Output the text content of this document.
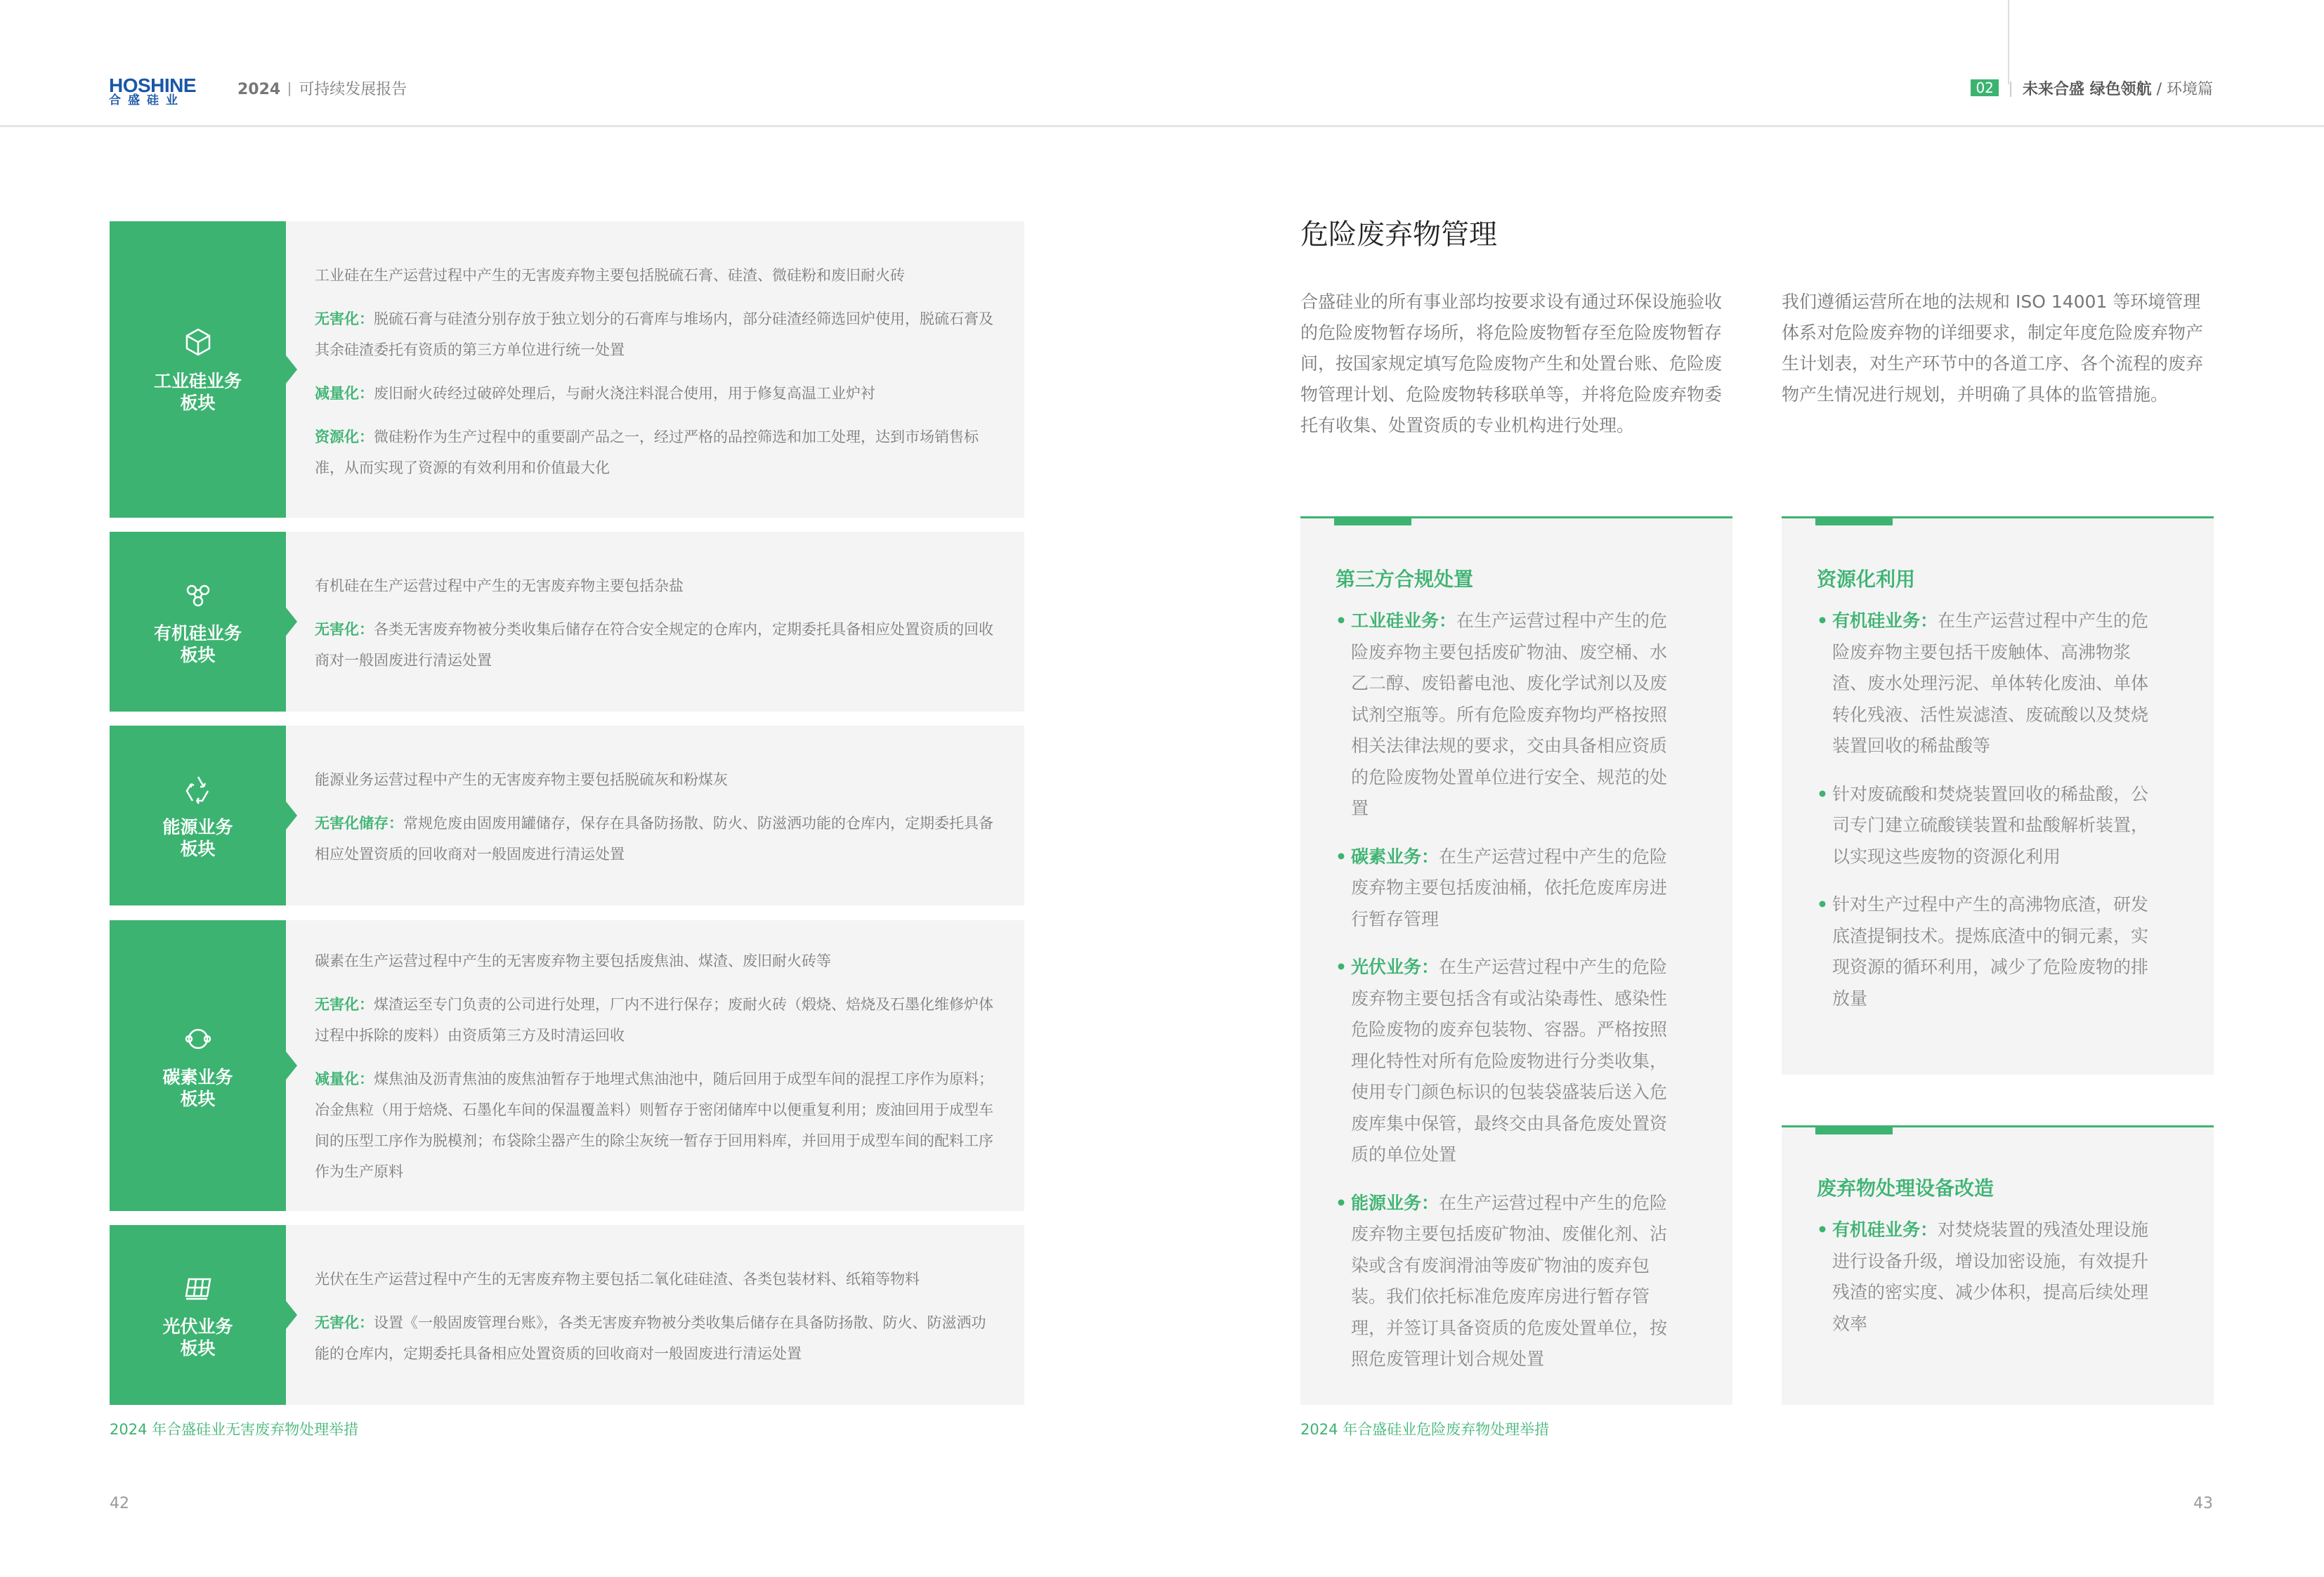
HOSHINE
合盛硅业
2024 可持续发展报告	02 未来合盛 绿色领航 / 环境篇
工业硅业务
板块

工业硅在生产运营过程中产生的无害废弃物主要包括脱硫石膏、硅渣、微硅粉和废旧耐火砖

无害化：脱硫石膏与硅渣分别存放于独立划分的石膏库与堆场内，部分硅渣经筛选回炉使用，脱硫石膏及其余硅渣委托有资质的第三方单位进行统一处置

减量化：废旧耐火砖经过破碎处理后，与耐火浇注料混合使用，用于修复高温工业炉衬

资源化：微硅粉作为生产过程中的重要副产品之一，经过严格的品控筛选和加工处理，达到市场销售标准，从而实现了资源的有效利用和价值最大化

有机硅业务
板块

有机硅在生产运营过程中产生的无害废弃物主要包括杂盐

无害化：各类无害废弃物被分类收集后储存在符合安全规定的仓库内，定期委托具备相应处置资质的回收商对一般固废进行清运处置

能源业务
板块

能源业务运营过程中产生的无害废弃物主要包括脱硫灰和粉煤灰

无害化储存：常规危废由固废用罐储存，保存在具备防扬散、防火、防滋洒功能的仓库内，定期委托具备相应处置资质的回收商对一般固废进行清运处置

碳素业务
板块

碳素在生产运营过程中产生的无害废弃物主要包括废焦油、煤渣、废旧耐火砖等

无害化：煤渣运至专门负责的公司进行处理，厂内不进行保存；废耐火砖（煅烧、焙烧及石墨化维修炉体过程中拆除的废料）由资质第三方及时清运回收

减量化：煤焦油及沥青焦油的废焦油暂存于地埋式焦油池中，随后回用于成型车间的混捏工序作为原料；冶金焦粒（用于焙烧、石墨化车间的保温覆盖料）则暂存于密闭储库中以便重复利用；废油回用于成型车间的压型工序作为脱模剂；布袋除尘器产生的除尘灰统一暂存于回用料库，并回用于成型车间的配料工序作为生产原料

光伏业务
板块

光伏在生产运营过程中产生的无害废弃物主要包括二氧化硅硅渣、各类包装材料、纸箱等物料

无害化：设置《一般固废管理台账》，各类无害废弃物被分类收集后储存在具备防扬散、防火、防滋洒功能的仓库内，定期委托具备相应处置资质的回收商对一般固废进行清运处置

2024 年合盛硅业无害废弃物处理举措
42
危险废弃物管理
合盛硅业的所有事业部均按要求设有通过环保设施验收的危险废物暂存场所，将危险废物暂存至危险废物暂存间，按国家规定填写危险废物产生和处置台账、危险废物管理计划、危险废物转移联单等，并将危险废弃物委托有收集、处置资质的专业机构进行处理。
我们遵循运营所在地的法规和 ISO 14001 等环境管理体系对危险废弃物的详细要求，制定年度危险废弃物产生计划表，对生产环节中的各道工序、各个流程的废弃物产生情况进行规划，并明确了具体的监管措施。
第三方合规处置
• 工业硅业务：在生产运营过程中产生的危险废弃物主要包括废矿物油、废空桶、水乙二醇、废铅蓄电池、废化学试剂以及废试剂空瓶等。所有危险废弃物均严格按照相关法律法规的要求，交由具备相应资质的危险废物处置单位进行安全、规范的处置
• 碳素业务：在生产运营过程中产生的危险废弃物主要包括废油桶，依托危废库房进行暂存管理
• 光伏业务：在生产运营过程中产生的危险废弃物主要包括含有或沾染毒性、感染性危险废物的废弃包装物、容器。严格按照理化特性对所有危险废物进行分类收集，使用专门颜色标识的包装袋盛装后送入危废库集中保管，最终交由具备危废处置资质的单位处置
• 能源业务：在生产运营过程中产生的危险废弃物主要包括废矿物油、废催化剂、沾染或含有废润滑油等废矿物油的废弃包装。我们依托标准危废库房进行暂存管理，并签订具备资质的危废处置单位，按照危废管理计划合规处置
资源化利用
• 有机硅业务：在生产运营过程中产生的危险废弃物主要包括干废触体、高沸物浆渣、废水处理污泥、单体转化废油、单体转化残液、活性炭滤渣、废硫酸以及焚烧装置回收的稀盐酸等
• 针对废硫酸和焚烧装置回收的稀盐酸，公司专门建立硫酸镁装置和盐酸解析装置，以实现这些废物的资源化利用
• 针对生产过程中产生的高沸物底渣，研发底渣提铜技术。提炼底渣中的铜元素，实现资源的循环利用，减少了危险废物的排放量
废弃物处理设备改造
• 有机硅业务：对焚烧装置的残渣处理设施进行设备升级，增设加密设施，有效提升残渣的密实度、减少体积，提高后续处理效率
2024 年合盛硅业危险废弃物处理举措
43
